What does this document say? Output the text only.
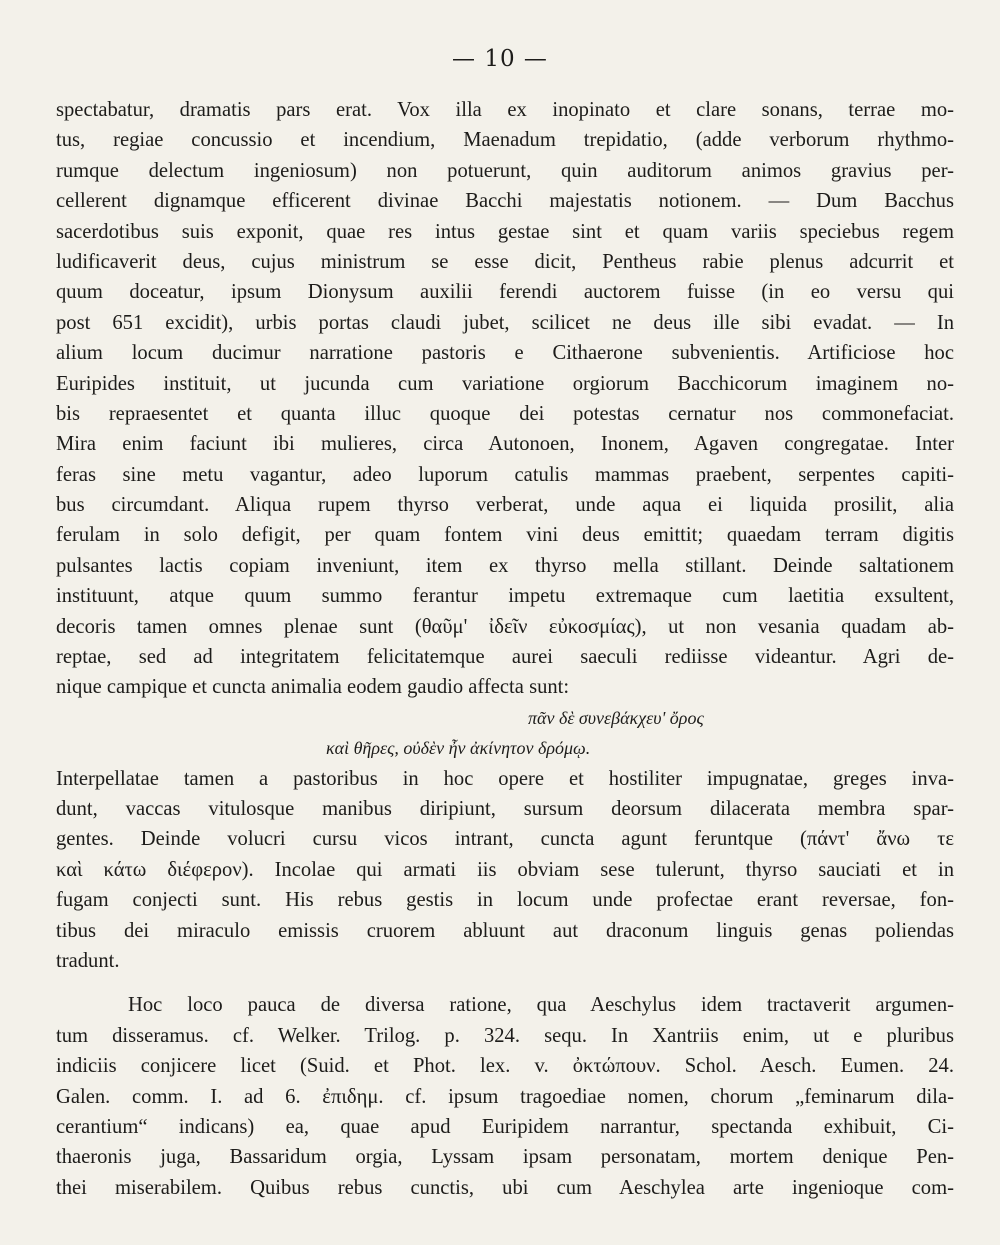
— 10 —
spectabatur, dramatis pars erat. Vox illa ex inopinato et clare sonans, terrae mo-
tus, regiae concussio et incendium, Maenadum trepidatio, (adde verborum rhythmo-
rumque delectum ingeniosum) non potuerunt, quin auditorum animos gravius per-
cellerent dignamque efficerent divinae Bacchi majestatis notionem. — Dum Bacchus
sacerdotibus suis exponit, quae res intus gestae sint et quam variis speciebus regem
ludificaverit deus, cujus ministrum se esse dicit, Pentheus rabie plenus adcurrit et
quum doceatur, ipsum Dionysum auxilii ferendi auctorem fuisse (in eo versu qui
post 651 excidit), urbis portas claudi jubet, scilicet ne deus ille sibi evadat. — In
alium locum ducimur narratione pastoris e Cithaerone subvenientis. Artificiose hoc
Euripides instituit, ut jucunda cum variatione orgiorum Bacchicorum imaginem no-
bis repraesentet et quanta illuc quoque dei potestas cernatur nos commonefaciat.
Mira enim faciunt ibi mulieres, circa Autonoen, Inonem, Agaven congregatae. Inter
feras sine metu vagantur, adeo luporum catulis mammas praebent, serpentes capiti-
bus circumdant. Aliqua rupem thyrso verberat, unde aqua ei liquida prosilit, alia
ferulam in solo defigit, per quam fontem vini deus emittit; quaedam terram digitis
pulsantes lactis copiam inveniunt, item ex thyrso mella stillant. Deinde saltationem
instituunt, atque quum summo ferantur impetu extremaque cum laetitia exsultent,
decoris tamen omnes plenae sunt (θαῦμ' ἰδεῖν εὐκοσμίας), ut non vesania quadam ab-
reptae, sed ad integritatem felicitatemque aurei saeculi rediisse videantur. Agri de-
nique campique et cuncta animalia eodem gaudio affecta sunt:
πᾶν δὲ συνεβάκχευ' ὄρος
καὶ θῆρες, οὐδὲν ἦν ἀκίνητον δρόμῳ.
Interpellatae tamen a pastoribus in hoc opere et hostiliter impugnatae, greges inva-
dunt, vaccas vitulosque manibus diripiunt, sursum deorsum dilacerata membra spar-
gentes. Deinde volucri cursu vicos intrant, cuncta agunt feruntque (πάντ' ἄνω τε
καὶ κάτω διέφερον). Incolae qui armati iis obviam sese tulerunt, thyrso sauciati et in
fugam conjecti sunt. His rebus gestis in locum unde profectae erant reversae, fon-
tibus dei miraculo emissis cruorem abluunt aut draconum linguis genas poliendas
tradunt.
Hoc loco pauca de diversa ratione, qua Aeschylus idem tractaverit argumen-
tum disseramus. cf. Welker. Trilog. p. 324. sequ. In Xantriis enim, ut e pluribus
indiciis conjicere licet (Suid. et Phot. lex. v. ὀκτώπουν. Schol. Aesch. Eumen. 24.
Galen. comm. I. ad 6. ἐπιδημ. cf. ipsum tragoediae nomen, chorum „feminarum dila-
cerantium“ indicans) ea, quae apud Euripidem narrantur, spectanda exhibuit, Ci-
thaeronis juga, Bassaridum orgia, Lyssam ipsam personatam, mortem denique Pen-
thei miserabilem. Quibus rebus cunctis, ubi cum Aeschylea arte ingenioque com-
